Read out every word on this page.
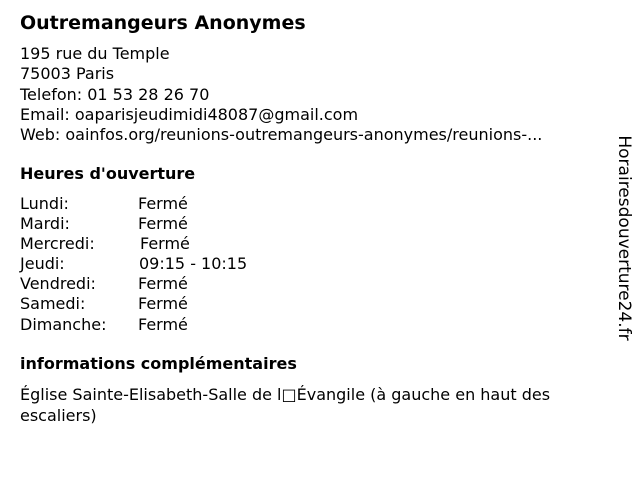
Outremangeurs Anonymes
195 rue du Temple
75003 Paris
Telefon: 01 53 28 26 70
Email: oaparisjeudimidi48087@gmail.com
Web: oainfos.org/reunions-outremangeurs-anonymes/reunions-...
Heures d'ouverture
Lundi:	Fermé
Mardi:	Fermé
Mercredi:	Fermé
Jeudi:	09:15 - 10:15
Vendredi:	Fermé
Samedi:	Fermé
Dimanche: Fermé
informations complémentaires
Église Sainte-Elisabeth-Salle de l□Évangile (à gauche en haut des escaliers)
Horairesdouverture24.fr
